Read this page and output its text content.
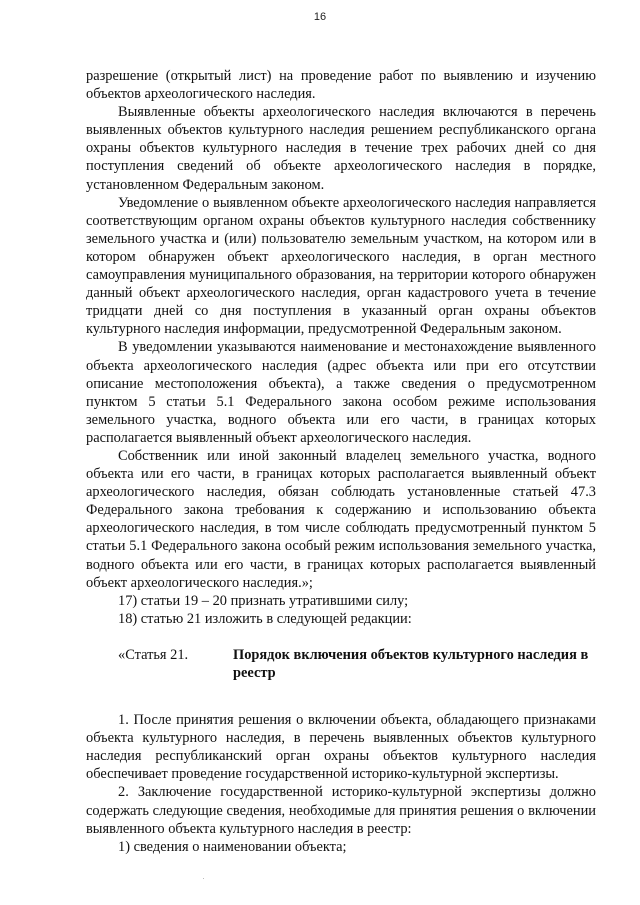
16

разрешение (открытый лист) на проведение работ по выявлению и изучению объектов археологического наследия.

Выявленные объекты археологического наследия включаются в перечень выявленных объектов культурного наследия решением республиканского органа охраны объектов культурного наследия в течение трех рабочих дней со дня поступления сведений об объекте археологического наследия в порядке, установленном Федеральным законом.

Уведомление о выявленном объекте археологического наследия направляется соответствующим органом охраны объектов культурного наследия собственнику земельного участка и (или) пользователю земельным участком, на котором или в котором обнаружен объект археологического наследия, в орган местного самоуправления муниципального образования, на территории которого обнаружен данный объект археологического наследия, орган кадастрового учета в течение тридцати дней со дня поступления в указанный орган охраны объектов культурного наследия информации, предусмотренной Федеральным законом.

В уведомлении указываются наименование и местонахождение выявленного объекта археологического наследия (адрес объекта или при его отсутствии описание местоположения объекта), а также сведения о предусмотренном пунктом 5 статьи 5.1 Федерального закона особом режиме использования земельного участка, водного объекта или его части, в границах которых располагается выявленный объект археологического наследия.

Собственник или иной законный владелец земельного участка, водного объекта или его части, в границах которых располагается выявленный объект археологического наследия, обязан соблюдать установленные статьей 47.3 Федерального закона требования к содержанию и использованию объекта археологического наследия, в том числе соблюдать предусмотренный пунктом 5 статьи 5.1 Федерального закона особый режим использования земельного участка, водного объекта или его части, в границах которых располагается выявленный объект археологического наследия.»;

17) статьи 19 – 20 признать утратившими силу;

18) статью 21 изложить в следующей редакции:

«Статья 21.	Порядок включения объектов культурного наследия в реестр

1. После принятия решения о включении объекта, обладающего признаками объекта культурного наследия, в перечень выявленных объектов культурного наследия республиканский орган охраны объектов культурного наследия обеспечивает проведение государственной историко-культурной экспертизы.

2. Заключение государственной историко-культурной экспертизы должно содержать следующие сведения, необходимые для принятия решения о включении выявленного объекта культурного наследия в реестр:

1) сведения о наименовании объекта;
